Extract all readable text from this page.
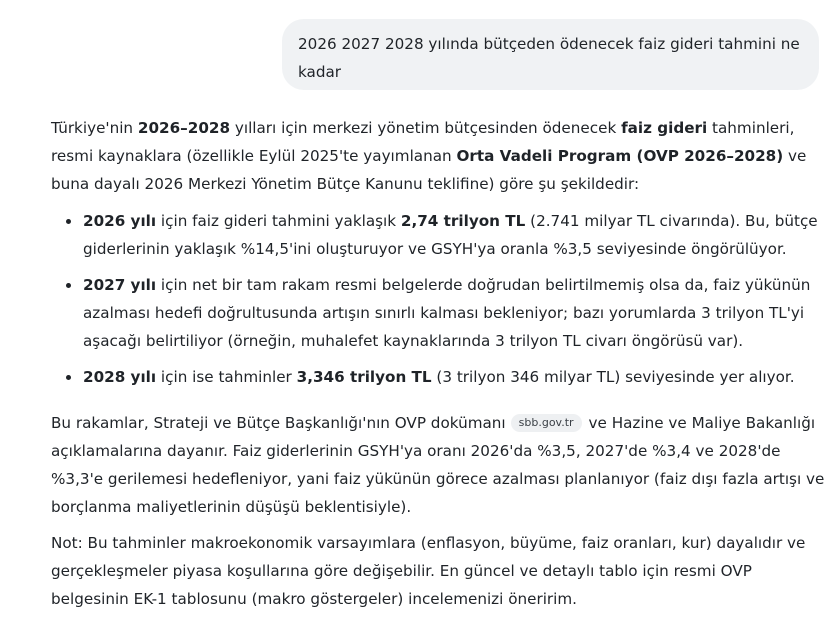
2026 2027 2028 yılında bütçeden ödenecek faiz gideri tahmini ne kadar

Türkiye'nin 2026–2028 yılları için merkezi yönetim bütçesinden ödenecek faiz gideri tahminleri, resmi kaynaklara (özellikle Eylül 2025'te yayımlanan Orta Vadeli Program (OVP 2026–2028) ve buna dayalı 2026 Merkezi Yönetim Bütçe Kanunu teklifine) göre şu şekildedir:

2026 yılı için faiz gideri tahmini yaklaşık 2,74 trilyon TL (2.741 milyar TL civarında). Bu, bütçe giderlerinin yaklaşık %14,5'ini oluşturuyor ve GSYH'ya oranla %3,5 seviyesinde öngörülüyor.
2027 yılı için net bir tam rakam resmi belgelerde doğrudan belirtilmemiş olsa da, faiz yükünün azalması hedefi doğrultusunda artışın sınırlı kalması bekleniyor; bazı yorumlarda 3 trilyon TL'yi aşacağı belirtiliyor (örneğin, muhalefet kaynaklarında 3 trilyon TL civarı öngörüsü var).
2028 yılı için ise tahminler 3,346 trilyon TL (3 trilyon 346 milyar TL) seviyesinde yer alıyor.

Bu rakamlar, Strateji ve Bütçe Başkanlığı'nın OVP dokümanı sbb.gov.tr ve Hazine ve Maliye Bakanlığı açıklamalarına dayanır. Faiz giderlerinin GSYH'ya oranı 2026'da %3,5, 2027'de %3,4 ve 2028'de %3,3'e gerilemesi hedefleniyor, yani faiz yükünün görece azalması planlanıyor (faiz dışı fazla artışı ve borçlanma maliyetlerinin düşüşü beklentisiyle).

Not: Bu tahminler makroekonomik varsayımlara (enflasyon, büyüme, faiz oranları, kur) dayalıdır ve gerçekleşmeler piyasa koşullarına göre değişebilir. En güncel ve detaylı tablo için resmi OVP belgesinin EK-1 tablosunu (makro göstergeler) incelemenizi öneririm.
